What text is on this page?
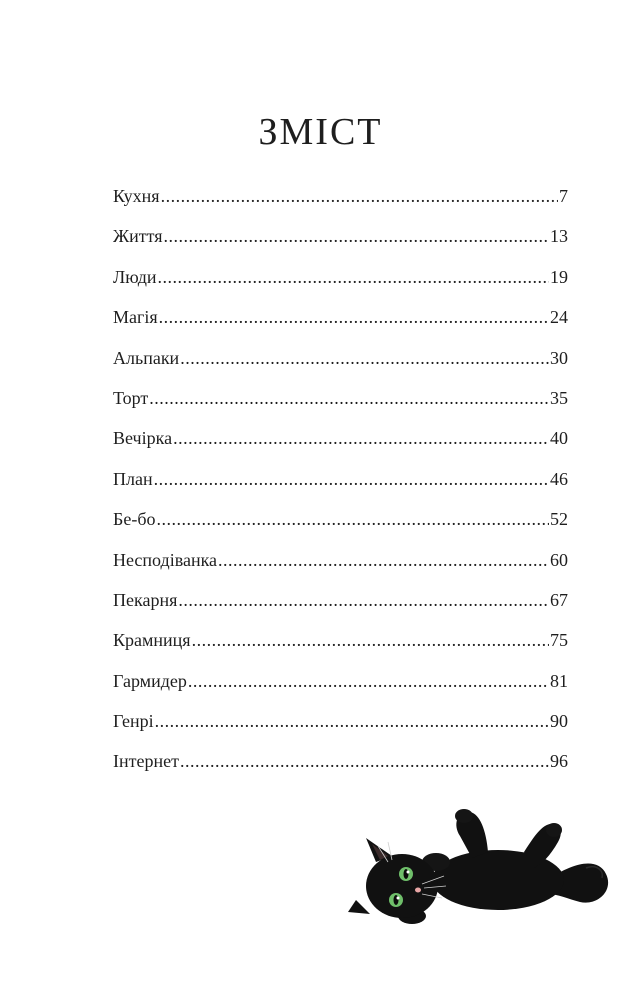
ЗМІСТ
Кухня .....	7
Життя .....	13
Люди .....	19
Магія .....	24
Альпаки .....	30
Торт .....	35
Вечірка .....	40
План .....	46
Бе-бо .....	52
Несподіванка .....	60
Пекарня .....	67
Крамниця .....	75
Гармидер .....	81
Генрі .....	90
Інтернет .....	96
